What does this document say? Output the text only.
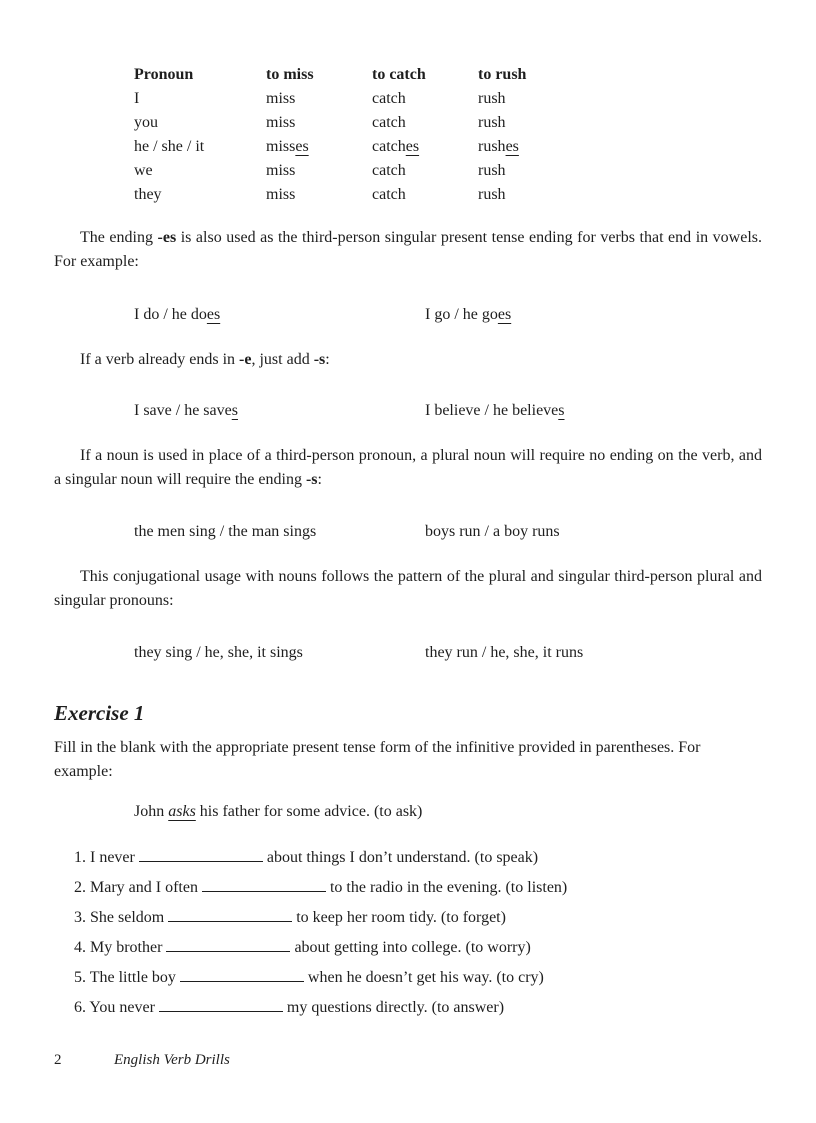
Pronoun	to miss	to catch	to rush
I	miss	catch	rush
you	miss	catch	rush
he / she / it	misses	catches	rushes
we	miss	catch	rush
they	miss	catch	rush

The ending -es is also used as the third-person singular present tense ending for verbs that end in vowels. For example:

I do / he does	I go / he goes

If a verb already ends in -e, just add -s:

I save / he saves	I believe / he believes

If a noun is used in place of a third-person pronoun, a plural noun will require no ending on the verb, and a singular noun will require the ending -s:

the men sing / the man sings	boys run / a boy runs

This conjugational usage with nouns follows the pattern of the plural and singular third-person plural and singular pronouns:

they sing / he, she, it sings	they run / he, she, it runs
Exercise 1

Fill in the blank with the appropriate present tense form of the infinitive provided in parentheses. For example:

John asks his father for some advice. (to ask)
1. I never	about things I don’t understand. (to speak)
2. Mary and I often	to the radio in the evening. (to listen)
3. She seldom	to keep her room tidy. (to forget)
4. My brother	about getting into college. (to worry)
5. The little boy	when he doesn’t get his way. (to cry)
6. You never	my questions directly. (to answer)
2	English Verb Drills
